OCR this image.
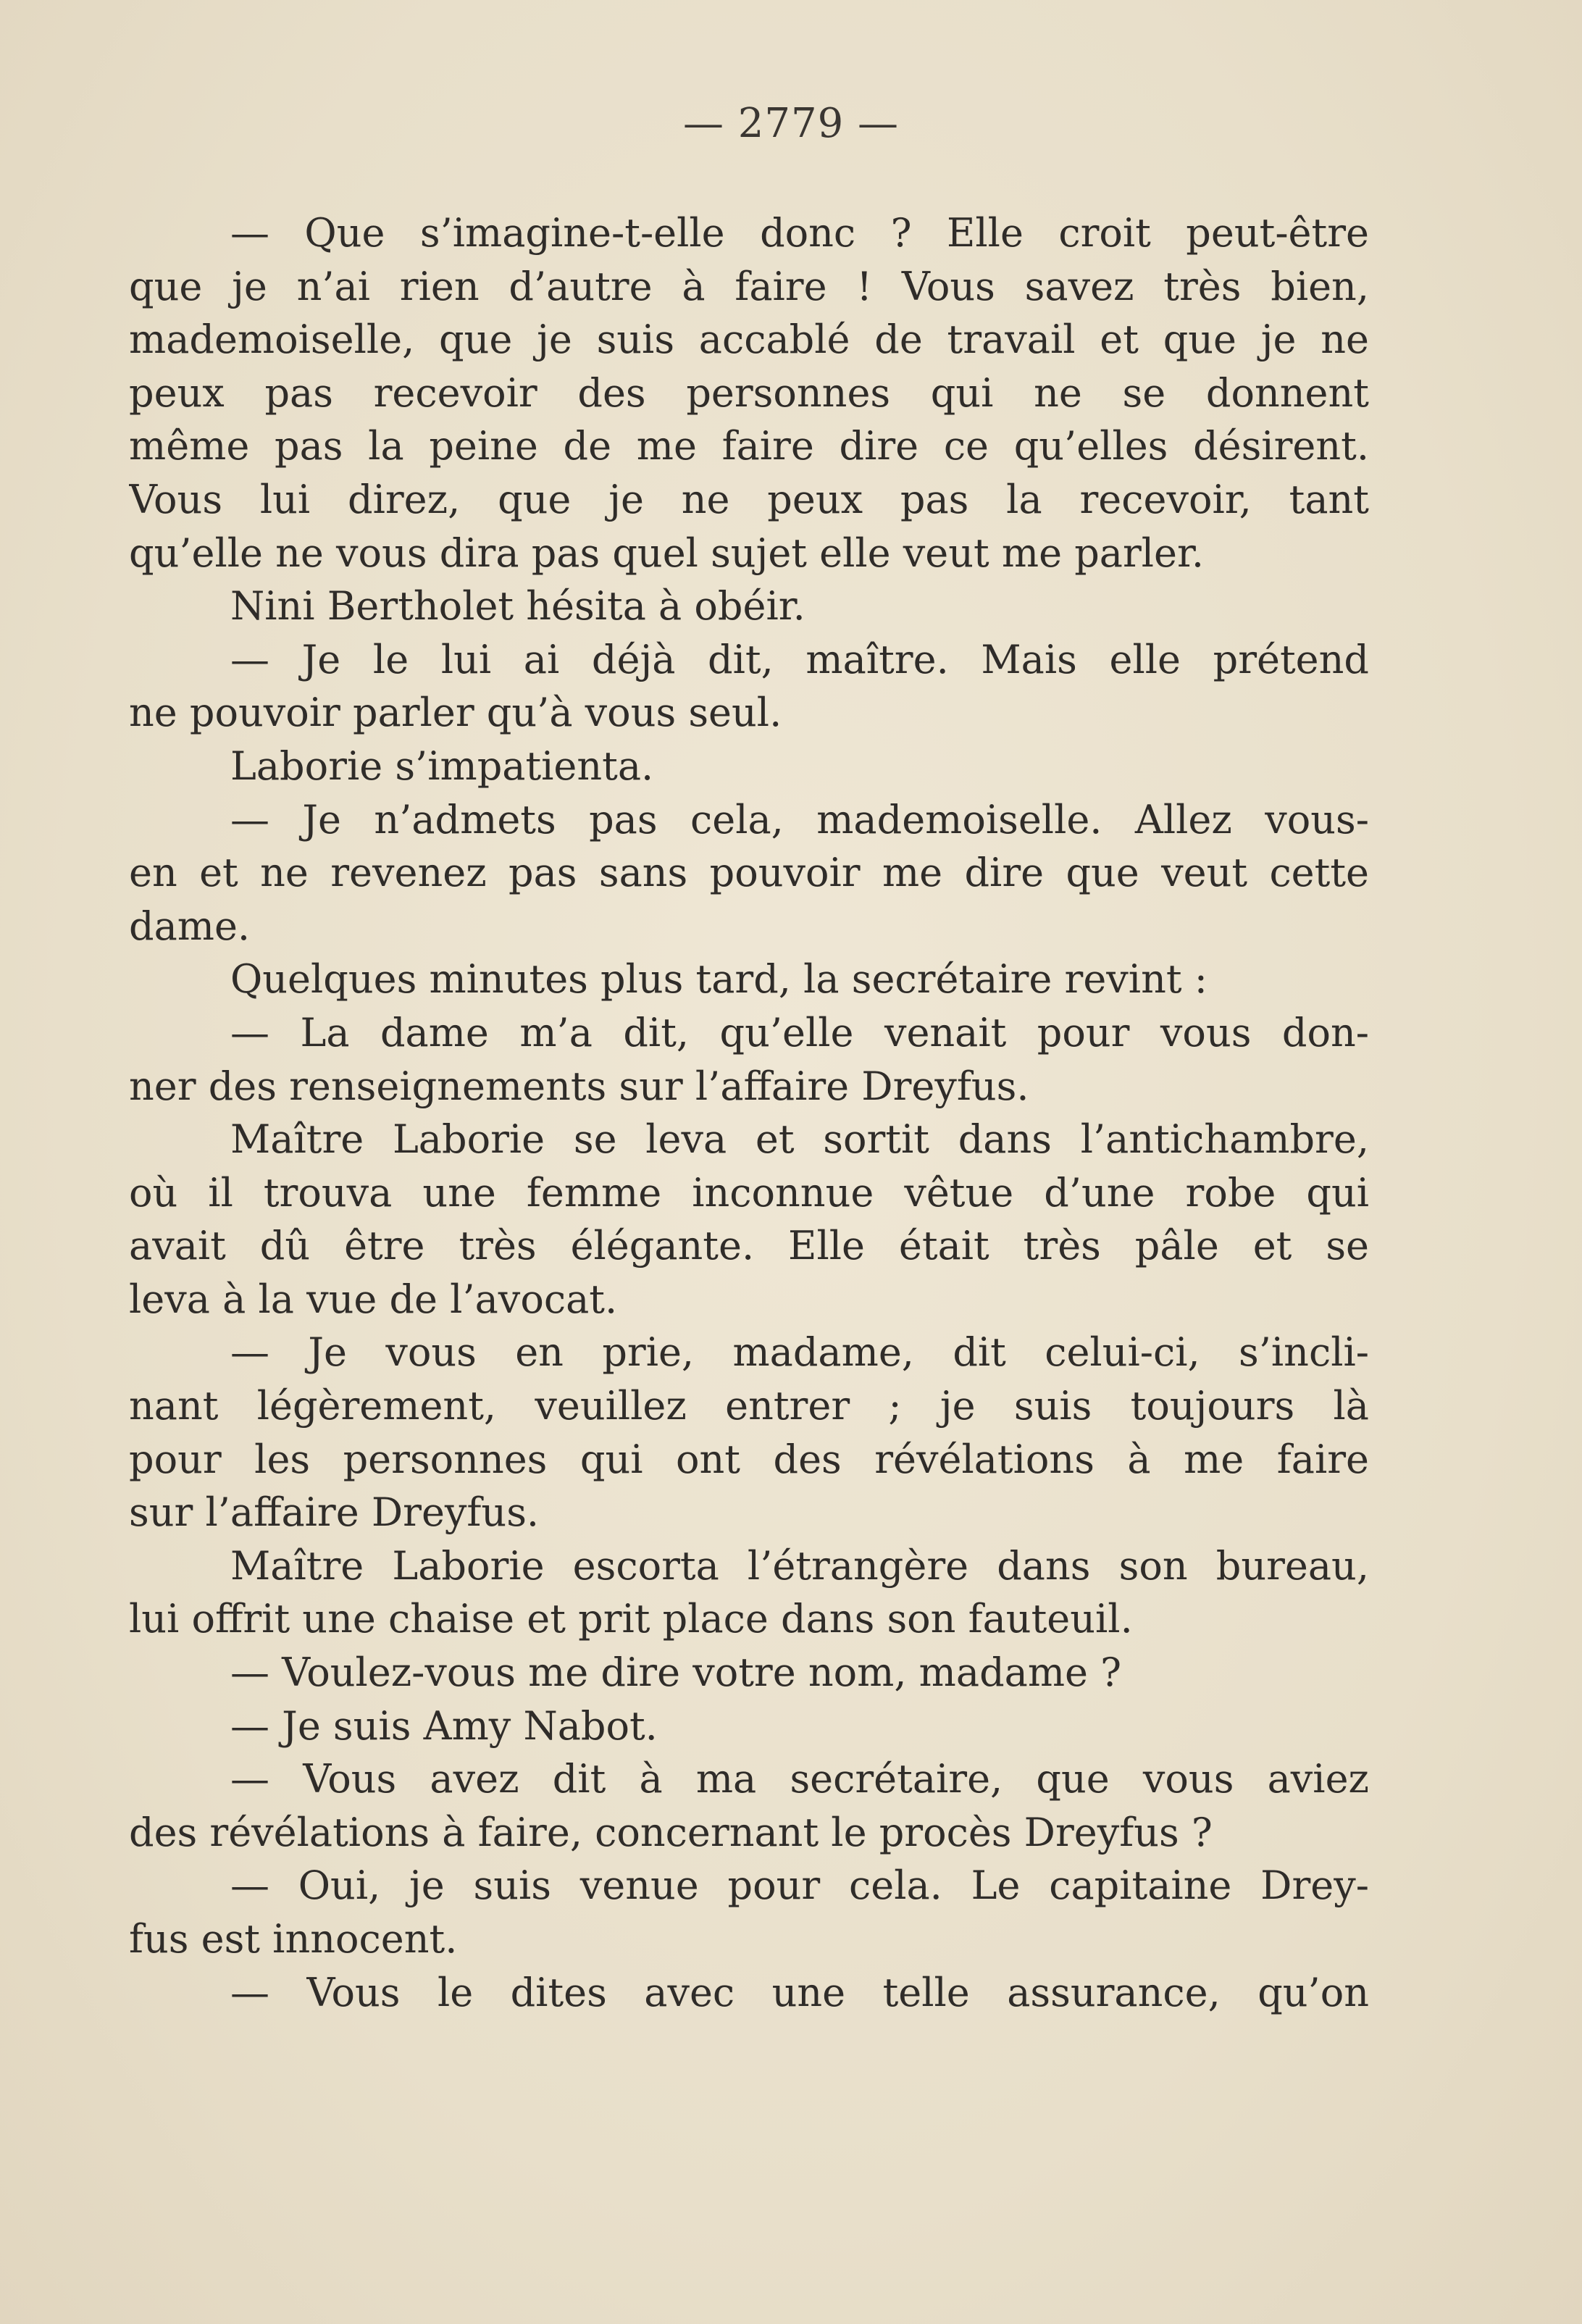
— 2779 —
— Que s’imagine-t-elle donc ? Elle croit peut-être
que je n’ai rien d’autre à faire ! Vous savez très bien,
mademoiselle, que je suis accablé de travail et que je ne
peux pas recevoir des personnes qui ne se donnent
même pas la peine de me faire dire ce qu’elles désirent.
Vous lui direz, que je ne peux pas la recevoir, tant
qu’elle ne vous dira pas quel sujet elle veut me parler.
Nini Bertholet hésita à obéir.
— Je le lui ai déjà dit, maître. Mais elle prétend
ne pouvoir parler qu’à vous seul.
Laborie s’impatienta.
— Je n’admets pas cela, mademoiselle. Allez vous-
en et ne revenez pas sans pouvoir me dire que veut cette
dame.
Quelques minutes plus tard, la secrétaire revint :
— La dame m’a dit, qu’elle venait pour vous don-
ner des renseignements sur l’affaire Dreyfus.
Maître Laborie se leva et sortit dans l’antichambre,
où il trouva une femme inconnue vêtue d’une robe qui
avait dû être très élégante. Elle était très pâle et se
leva à la vue de l’avocat.
— Je vous en prie, madame, dit celui-ci, s’incli-
nant légèrement, veuillez entrer ; je suis toujours là
pour les personnes qui ont des révélations à me faire
sur l’affaire Dreyfus.
Maître Laborie escorta l’étrangère dans son bureau,
lui offrit une chaise et prit place dans son fauteuil.
— Voulez-vous me dire votre nom, madame ?
— Je suis Amy Nabot.
— Vous avez dit à ma secrétaire, que vous aviez
des révélations à faire, concernant le procès Dreyfus ?
— Oui, je suis venue pour cela. Le capitaine Drey-
fus est innocent.
— Vous le dites avec une telle assurance, qu’on
